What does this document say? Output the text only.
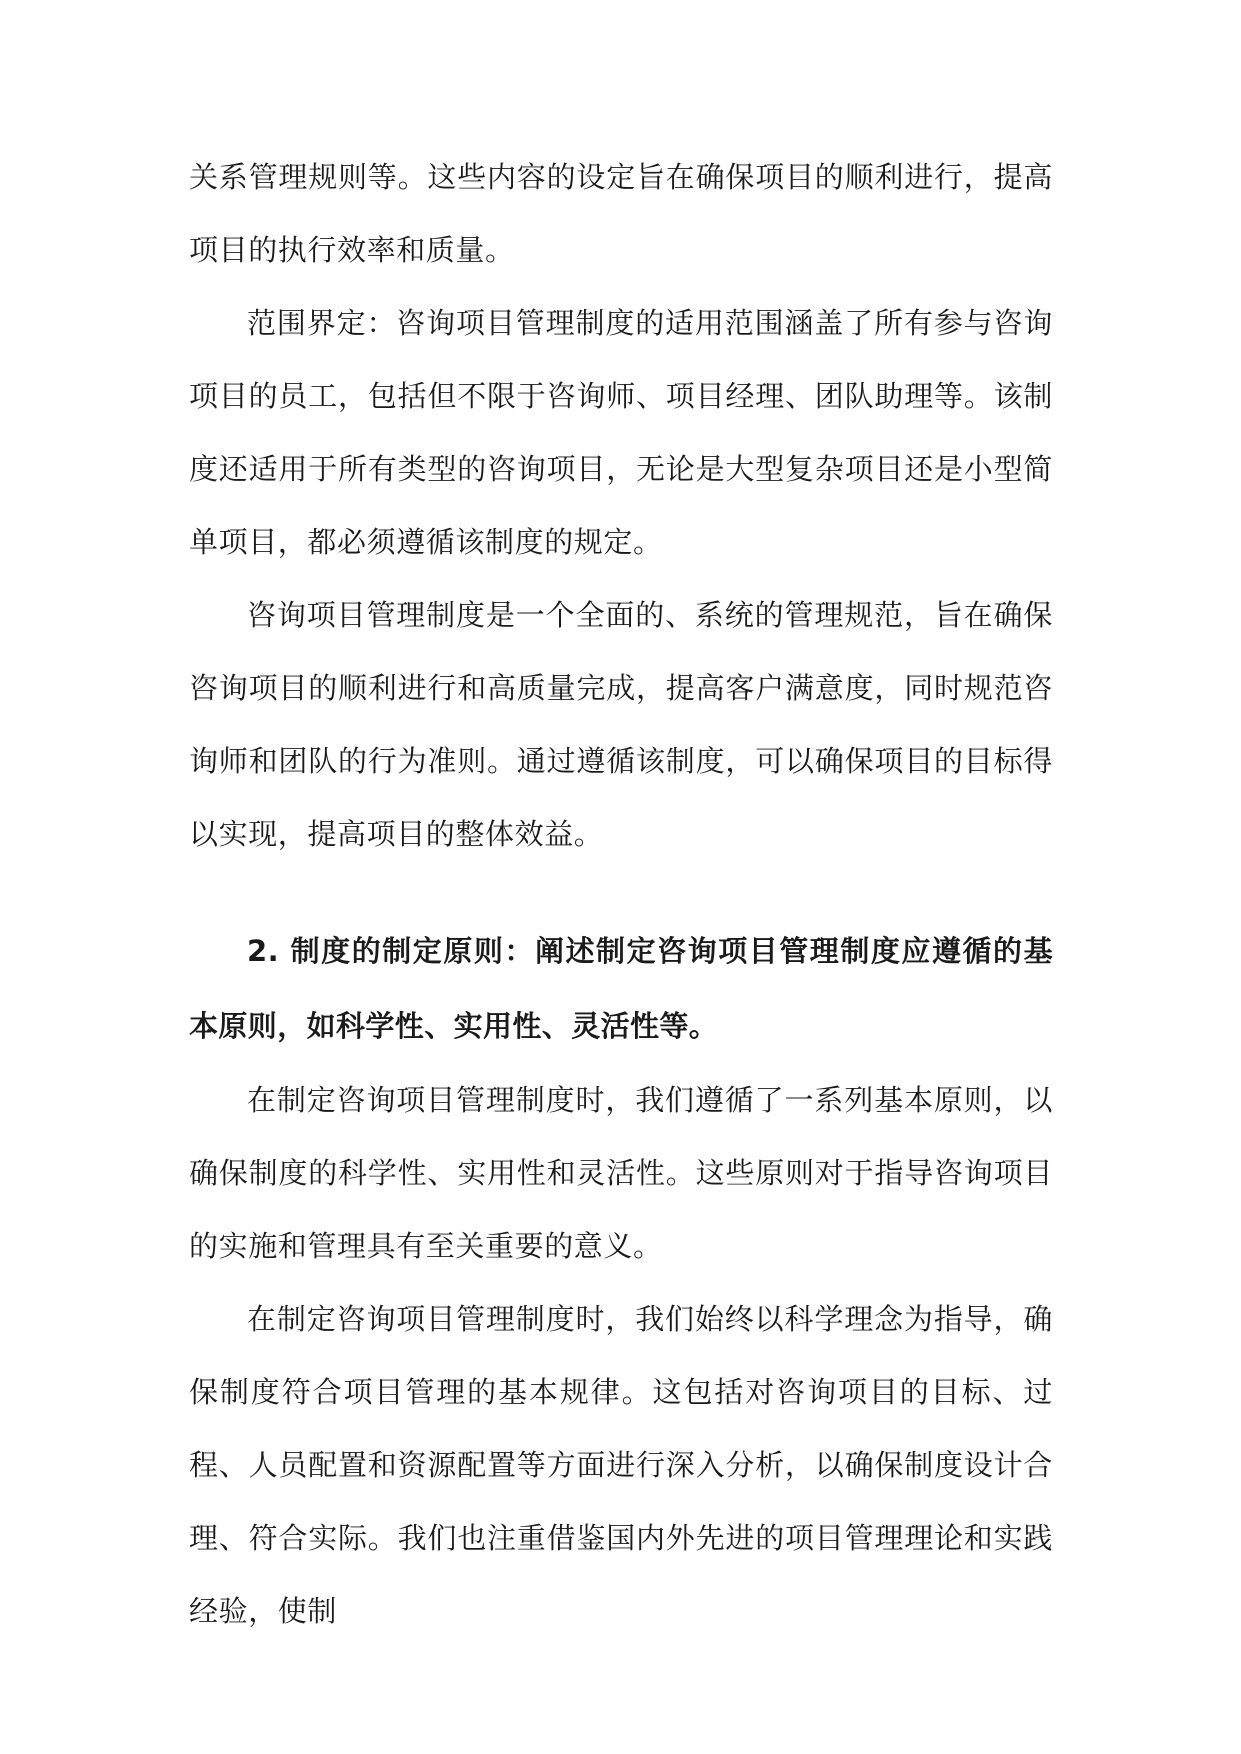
关系管理规则等。这些内容的设定旨在确保项目的顺利进行，提高项目的执行效率和质量。

范围界定：咨询项目管理制度的适用范围涵盖了所有参与咨询项目的员工，包括但不限于咨询师、项目经理、团队助理等。该制度还适用于所有类型的咨询项目，无论是大型复杂项目还是小型简单项目，都必须遵循该制度的规定。

咨询项目管理制度是一个全面的、系统的管理规范，旨在确保咨询项目的顺利进行和高质量完成，提高客户满意度，同时规范咨询师和团队的行为准则。通过遵循该制度，可以确保项目的目标得以实现，提高项目的整体效益。

2. 制度的制定原则：阐述制定咨询项目管理制度应遵循的基本原则，如科学性、实用性、灵活性等。

在制定咨询项目管理制度时，我们遵循了一系列基本原则，以确保制度的科学性、实用性和灵活性。这些原则对于指导咨询项目的实施和管理具有至关重要的意义。

在制定咨询项目管理制度时，我们始终以科学理念为指导，确保制度符合项目管理的基本规律。这包括对咨询项目的目标、过程、人员配置和资源配置等方面进行深入分析，以确保制度设计合理、符合实际。我们也注重借鉴国内外先进的项目管理理论和实践经验，使制
